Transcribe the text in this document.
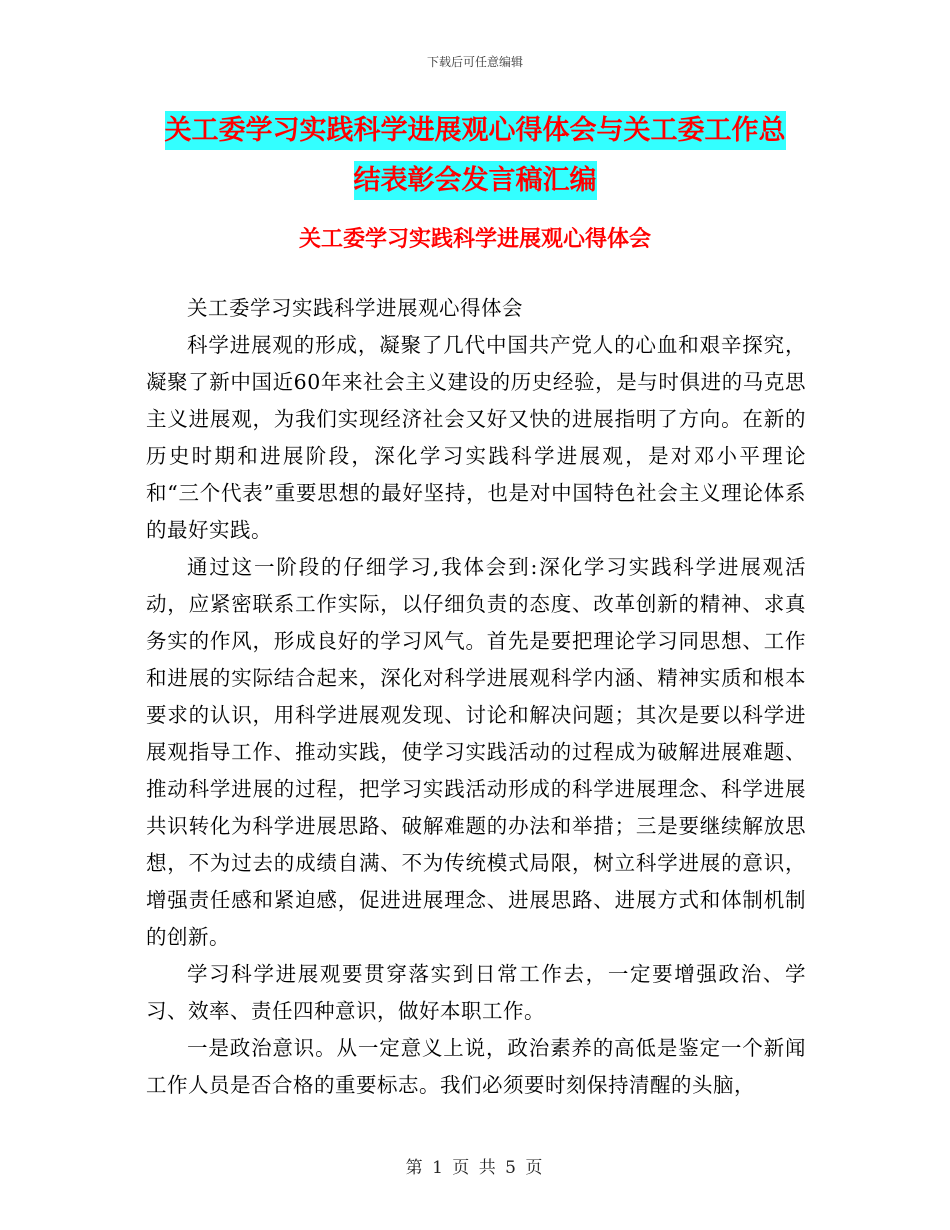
下载后可任意编辑
关工委学习实践科学进展观心得体会与关工委工作总
结表彰会发言稿汇编
关工委学习实践科学进展观心得体会

关工委学习实践科学进展观心得体会

科学进展观的形成，凝聚了几代中国共产党人的心血和艰辛探究，凝聚了新中国近60年来社会主义建设的历史经验，是与时俱进的马克思主义进展观，为我们实现经济社会又好又快的进展指明了方向。在新的历史时期和进展阶段，深化学习实践科学进展观，是对邓小平理论和“三个代表”重要思想的最好坚持，也是对中国特色社会主义理论体系的最好实践。

通过这一阶段的仔细学习,我体会到:深化学习实践科学进展观活动，应紧密联系工作实际，以仔细负责的态度、改革创新的精神、求真务实的作风，形成良好的学习风气。首先是要把理论学习同思想、工作和进展的实际结合起来，深化对科学进展观科学内涵、精神实质和根本要求的认识，用科学进展观发现、讨论和解决问题；其次是要以科学进展观指导工作、推动实践，使学习实践活动的过程成为破解进展难题、推动科学进展的过程，把学习实践活动形成的科学进展理念、科学进展共识转化为科学进展思路、破解难题的办法和举措；三是要继续解放思想，不为过去的成绩自满、不为传统模式局限，树立科学进展的意识，增强责任感和紧迫感，促进进展理念、进展思路、进展方式和体制机制的创新。

学习科学进展观要贯穿落实到日常工作去，一定要增强政治、学习、效率、责任四种意识，做好本职工作。

一是政治意识。从一定意义上说，政治素养的高低是鉴定一个新闻工作人员是否合格的重要标志。我们必须要时刻保持清醒的头脑，

第 1 页 共 5 页
